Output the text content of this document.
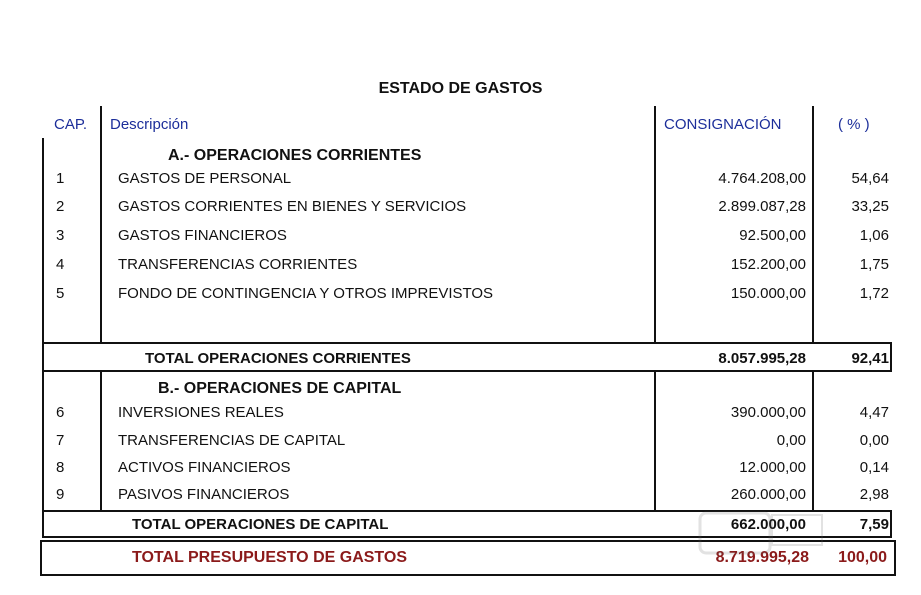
ESTADO DE GASTOS
CAP. Descripción	CONSIGNACIÓN	( % )
A.- OPERACIONES CORRIENTES
1	GASTOS DE PERSONAL	4.764.208,00	54,64
2	GASTOS CORRIENTES EN BIENES Y SERVICIOS	2.899.087,28	33,25
3	GASTOS FINANCIEROS	92.500,00	1,06
4	TRANSFERENCIAS CORRIENTES	152.200,00	1,75
5	FONDO DE CONTINGENCIA Y OTROS IMPREVISTOS	150.000,00	1,72
TOTAL OPERACIONES CORRIENTES	8.057.995,28	92,41
B.- OPERACIONES DE CAPITAL
6	INVERSIONES REALES	390.000,00	4,47
7	TRANSFERENCIAS DE CAPITAL	0,00	0,00
8	ACTIVOS FINANCIEROS	12.000,00	0,14
9	PASIVOS FINANCIEROS	260.000,00	2,98
TOTAL OPERACIONES DE CAPITAL	662.000,00	7,59
TOTAL PRESUPUESTO DE GASTOS	8.719.995,28 100,00
